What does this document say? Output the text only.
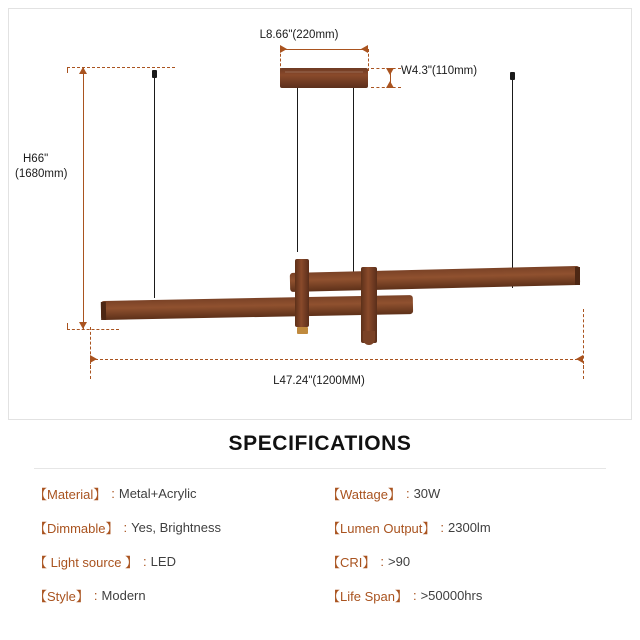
L8.66"(220mm)
W4.3"(110mm)
H66"
(1680mm)
L47.24"(1200MM)
SPECIFICATIONS
【Material】 : Metal+Acrylic	【Wattage】 : 30W
【Dimmable】 : Yes, Brightness	【Lumen Output】 : 2300lm
【 Light source 】 : LED	【CRI】 : >90
【Style】 : Modern	【Life Span】 : >50000hrs
